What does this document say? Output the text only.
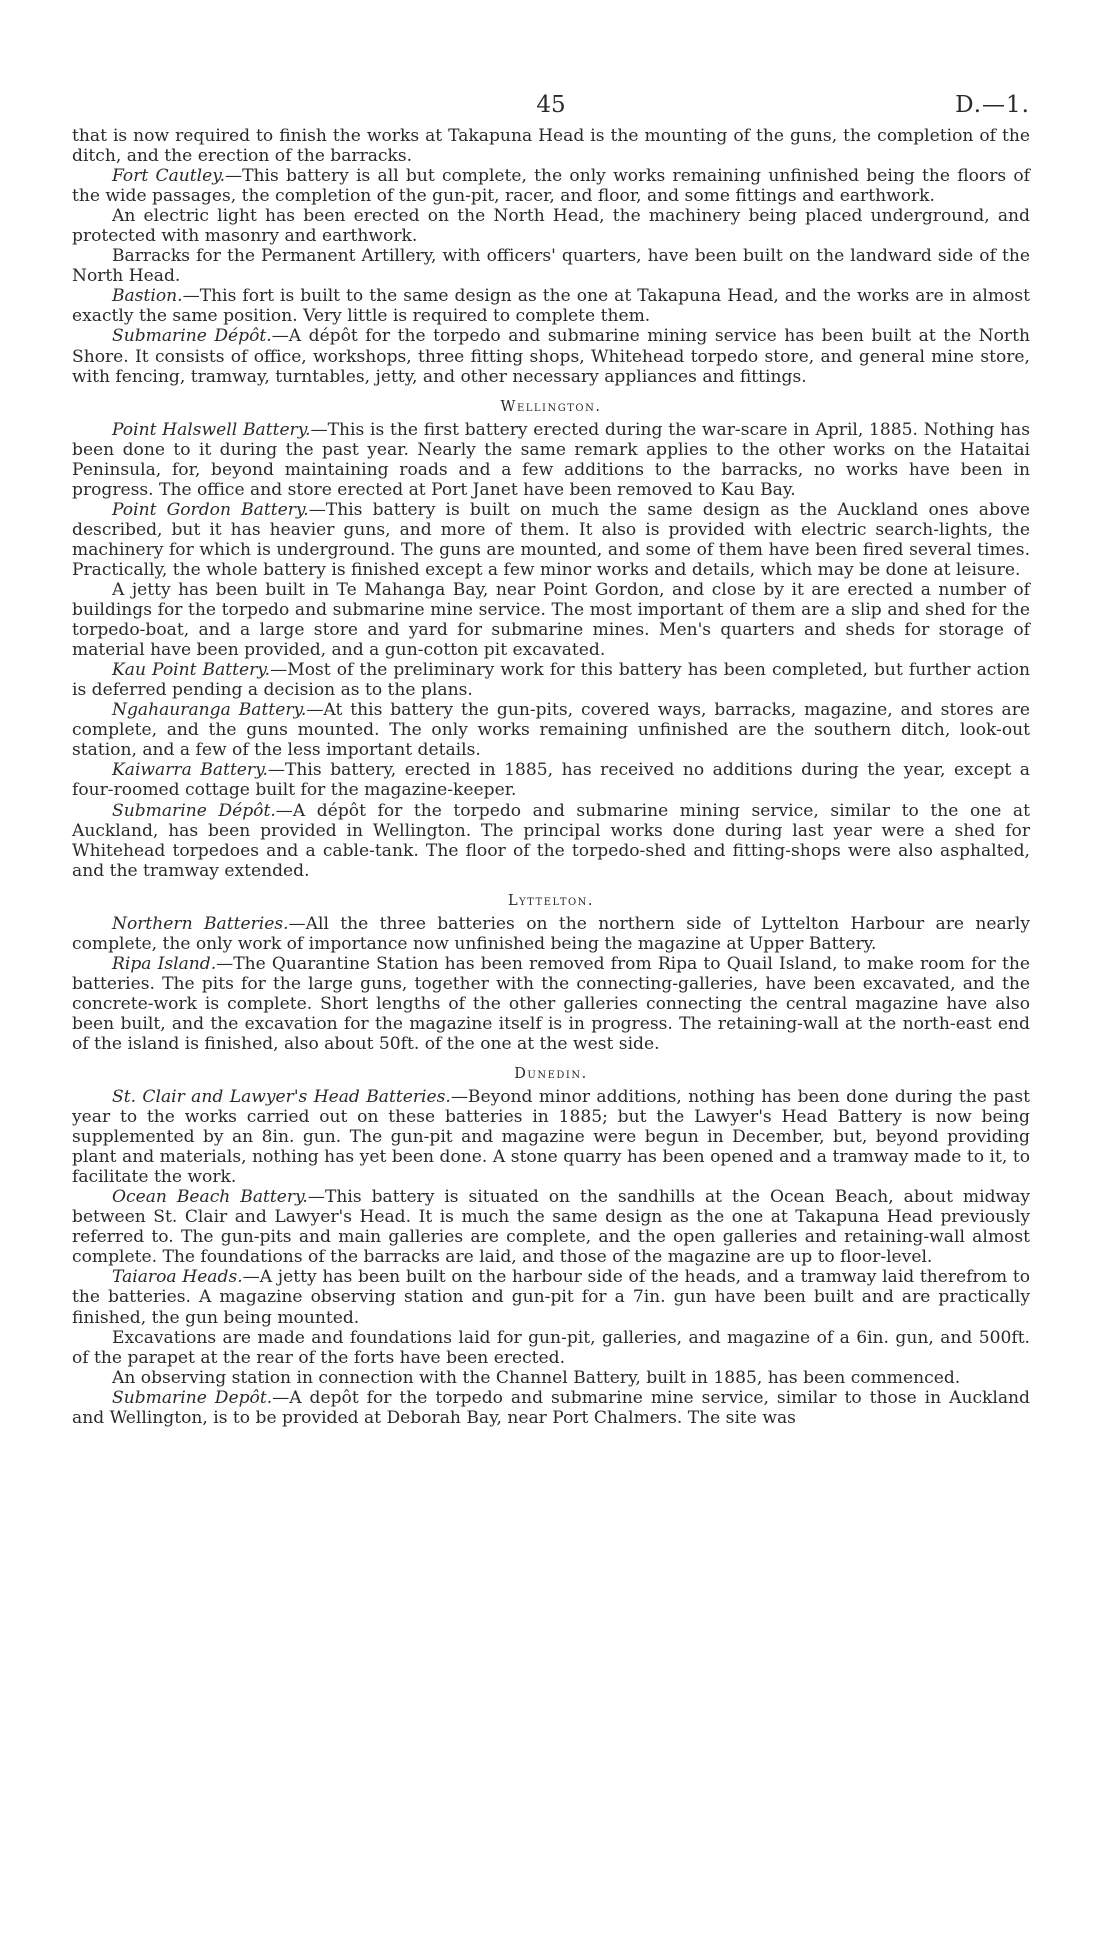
45	D.—1.

that is now required to finish the works at Takapuna Head is the mounting of the guns, the completion of the ditch, and the erection of the barracks.

Fort Cautley.—This battery is all but complete, the only works remaining unfinished being the floors of the wide passages, the completion of the gun-pit, racer, and floor, and some fittings and earthwork.

An electric light has been erected on the North Head, the machinery being placed underground, and protected with masonry and earthwork.

Barracks for the Permanent Artillery, with officers' quarters, have been built on the landward side of the North Head.

Bastion.—This fort is built to the same design as the one at Takapuna Head, and the works are in almost exactly the same position. Very little is required to complete them.

Submarine Dépôt.—A dépôt for the torpedo and submarine mining service has been built at the North Shore. It consists of office, workshops, three fitting shops, Whitehead torpedo store, and general mine store, with fencing, tramway, turntables, jetty, and other necessary appliances and fittings.

Wellington.

Point Halswell Battery.—This is the first battery erected during the war-scare in April, 1885. Nothing has been done to it during the past year. Nearly the same remark applies to the other works on the Hataitai Peninsula, for, beyond maintaining roads and a few additions to the barracks, no works have been in progress. The office and store erected at Port Janet have been removed to Kau Bay.

Point Gordon Battery.—This battery is built on much the same design as the Auckland ones above described, but it has heavier guns, and more of them. It also is provided with electric search-lights, the machinery for which is underground. The guns are mounted, and some of them have been fired several times. Practically, the whole battery is finished except a few minor works and details, which may be done at leisure.

A jetty has been built in Te Mahanga Bay, near Point Gordon, and close by it are erected a number of buildings for the torpedo and submarine mine service. The most important of them are a slip and shed for the torpedo-boat, and a large store and yard for submarine mines. Men's quarters and sheds for storage of material have been provided, and a gun-cotton pit excavated.

Kau Point Battery.—Most of the preliminary work for this battery has been completed, but further action is deferred pending a decision as to the plans.

Ngahauranga Battery.—At this battery the gun-pits, covered ways, barracks, magazine, and stores are complete, and the guns mounted. The only works remaining unfinished are the southern ditch, look-out station, and a few of the less important details.

Kaiwarra Battery.—This battery, erected in 1885, has received no additions during the year, except a four-roomed cottage built for the magazine-keeper.

Submarine Dépôt.—A dépôt for the torpedo and submarine mining service, similar to the one at Auckland, has been provided in Wellington. The principal works done during last year were a shed for Whitehead torpedoes and a cable-tank. The floor of the torpedo-shed and fitting-shops were also asphalted, and the tramway extended.

Lyttelton.

Northern Batteries.—All the three batteries on the northern side of Lyttelton Harbour are nearly complete, the only work of importance now unfinished being the magazine at Upper Battery.

Ripa Island.—The Quarantine Station has been removed from Ripa to Quail Island, to make room for the batteries. The pits for the large guns, together with the connecting-galleries, have been excavated, and the concrete-work is complete. Short lengths of the other galleries connecting the central magazine have also been built, and the excavation for the magazine itself is in progress. The retaining-wall at the north-east end of the island is finished, also about 50ft. of the one at the west side.

Dunedin.

St. Clair and Lawyer's Head Batteries.—Beyond minor additions, nothing has been done during the past year to the works carried out on these batteries in 1885; but the Lawyer's Head Battery is now being supplemented by an 8in. gun. The gun-pit and magazine were begun in December, but, beyond providing plant and materials, nothing has yet been done. A stone quarry has been opened and a tramway made to it, to facilitate the work.

Ocean Beach Battery.—This battery is situated on the sandhills at the Ocean Beach, about midway between St. Clair and Lawyer's Head. It is much the same design as the one at Takapuna Head previously referred to. The gun-pits and main galleries are complete, and the open galleries and retaining-wall almost complete. The foundations of the barracks are laid, and those of the magazine are up to floor-level.

Taiaroa Heads.—A jetty has been built on the harbour side of the heads, and a tramway laid therefrom to the batteries. A magazine observing station and gun-pit for a 7in. gun have been built and are practically finished, the gun being mounted.

Excavations are made and foundations laid for gun-pit, galleries, and magazine of a 6in. gun, and 500ft. of the parapet at the rear of the forts have been erected.

An observing station in connection with the Channel Battery, built in 1885, has been commenced.

Submarine Depôt.—A depôt for the torpedo and submarine mine service, similar to those in Auckland and Wellington, is to be provided at Deborah Bay, near Port Chalmers. The site was
